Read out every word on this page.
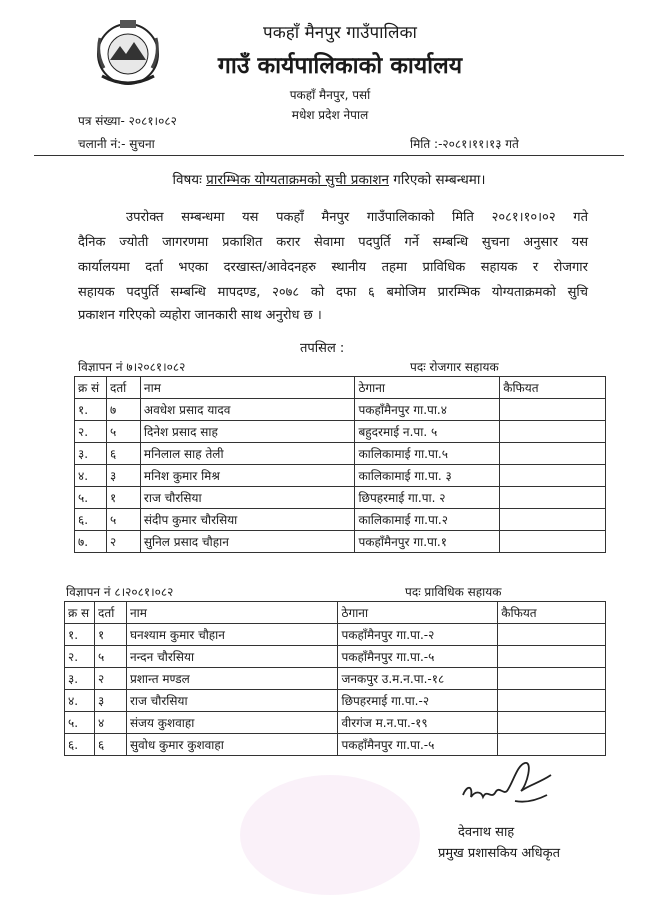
पकहाँ मैनपुर गाउँपालिका
गाउँ कार्यपालिकाको कार्यालय
पकहाँ मैनपुर, पर्सा
मधेश प्रदेश नेपाल
पत्र संख्या- २०८१।०८२
चलानी नं:- सुचना	मिति :-२०८१।११।१३ गते
विषयः प्रारम्भिक योग्यताक्रमको सुची प्रकाशन गरिएको सम्बन्धमा।
उपरोक्त सम्बन्धमा यस पकहाँ मैनपुर गाउँपालिकाको मिति २०८१।१०।०२ गते
दैनिक ज्योती जागरणमा प्रकाशित करार सेवामा पदपुर्ति गर्ने सम्बन्धि सुचना अनुसार यस
कार्यालयमा दर्ता भएका दरखास्त/आवेदनहरु स्थानीय तहमा प्राविधिक सहायक र रोजगार
सहायक पदपुर्ति सम्बन्धि मापदण्ड, २०७८ को दफा ६ बमोजिम प्रारम्भिक योग्यताक्रमको सुचि
प्रकाशन गरिएको व्यहोरा जानकारी साथ अनुरोध छ ।
तपसिल :
विज्ञापन नं ७।२०८१।०८२	पदः रोजगार सहायक
क्र सं	दर्ता	नाम	ठेगाना	कैफियत
१.	७	अवधेश प्रसाद यादव	पकहाँमैनपुर गा.पा.४	
२.	५	दिनेश प्रसाद साह	बहुदरमाई न.पा. ५	
३.	६	मनिलाल साह तेली	कालिकामाई गा.पा.५	
४.	३	मनिश कुमार मिश्र	कालिकामाई गा.पा. ३	
५.	१	राज चौरसिया	छिपहरमाई गा.पा. २	
६.	५	संदीप कुमार चौरसिया	कालिकामाई गा.पा.२	
७.	२	सुनिल प्रसाद चौहान	पकहाँमैनपुर गा.पा.१	
विज्ञापन नं ८।२०८१।०८२	पदः प्राविधिक सहायक
क्र स	दर्ता	नाम	ठेगाना	कैफियत
१.	१	घनश्याम कुमार चौहान	पकहाँमैनपुर गा.पा.-२	
२.	५	नन्दन चौरसिया	पकहाँमैनपुर गा.पा.-५	
३.	२	प्रशान्त मण्डल	जनकपुर उ.म.न.पा.-१८	
४.	३	राज चौरसिया	छिपहरमाई गा.पा.-२	
५.	४	संजय कुशवाहा	वीरगंज म.न.पा.-१९	
६.	६	सुवोध कुमार कुशवाहा	पकहाँमैनपुर गा.पा.-५	
देवनाथ साह
प्रमुख प्रशासकिय अधिकृत
